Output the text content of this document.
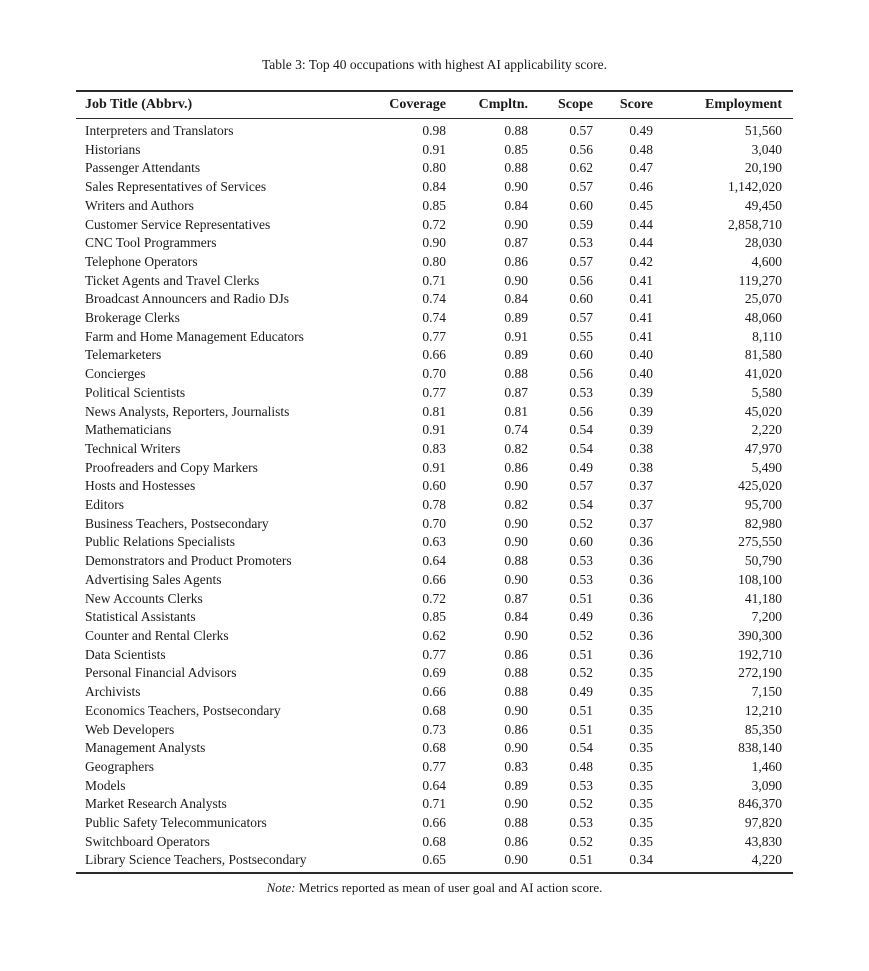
Table 3: Top 40 occupations with highest AI applicability score.
Job Title (Abbrv.)	Coverage	Cmpltn.	Scope	Score	Employment
Interpreters and Translators	0.98	0.88	0.57	0.49	51,560
Historians	0.91	0.85	0.56	0.48	3,040
Passenger Attendants	0.80	0.88	0.62	0.47	20,190
Sales Representatives of Services	0.84	0.90	0.57	0.46	1,142,020
Writers and Authors	0.85	0.84	0.60	0.45	49,450
Customer Service Representatives	0.72	0.90	0.59	0.44	2,858,710
CNC Tool Programmers	0.90	0.87	0.53	0.44	28,030
Telephone Operators	0.80	0.86	0.57	0.42	4,600
Ticket Agents and Travel Clerks	0.71	0.90	0.56	0.41	119,270
Broadcast Announcers and Radio DJs	0.74	0.84	0.60	0.41	25,070
Brokerage Clerks	0.74	0.89	0.57	0.41	48,060
Farm and Home Management Educators	0.77	0.91	0.55	0.41	8,110
Telemarketers	0.66	0.89	0.60	0.40	81,580
Concierges	0.70	0.88	0.56	0.40	41,020
Political Scientists	0.77	0.87	0.53	0.39	5,580
News Analysts, Reporters, Journalists	0.81	0.81	0.56	0.39	45,020
Mathematicians	0.91	0.74	0.54	0.39	2,220
Technical Writers	0.83	0.82	0.54	0.38	47,970
Proofreaders and Copy Markers	0.91	0.86	0.49	0.38	5,490
Hosts and Hostesses	0.60	0.90	0.57	0.37	425,020
Editors	0.78	0.82	0.54	0.37	95,700
Business Teachers, Postsecondary	0.70	0.90	0.52	0.37	82,980
Public Relations Specialists	0.63	0.90	0.60	0.36	275,550
Demonstrators and Product Promoters	0.64	0.88	0.53	0.36	50,790
Advertising Sales Agents	0.66	0.90	0.53	0.36	108,100
New Accounts Clerks	0.72	0.87	0.51	0.36	41,180
Statistical Assistants	0.85	0.84	0.49	0.36	7,200
Counter and Rental Clerks	0.62	0.90	0.52	0.36	390,300
Data Scientists	0.77	0.86	0.51	0.36	192,710
Personal Financial Advisors	0.69	0.88	0.52	0.35	272,190
Archivists	0.66	0.88	0.49	0.35	7,150
Economics Teachers, Postsecondary	0.68	0.90	0.51	0.35	12,210
Web Developers	0.73	0.86	0.51	0.35	85,350
Management Analysts	0.68	0.90	0.54	0.35	838,140
Geographers	0.77	0.83	0.48	0.35	1,460
Models	0.64	0.89	0.53	0.35	3,090
Market Research Analysts	0.71	0.90	0.52	0.35	846,370
Public Safety Telecommunicators	0.66	0.88	0.53	0.35	97,820
Switchboard Operators	0.68	0.86	0.52	0.35	43,830
Library Science Teachers, Postsecondary	0.65	0.90	0.51	0.34	4,220
Note: Metrics reported as mean of user goal and AI action score.
